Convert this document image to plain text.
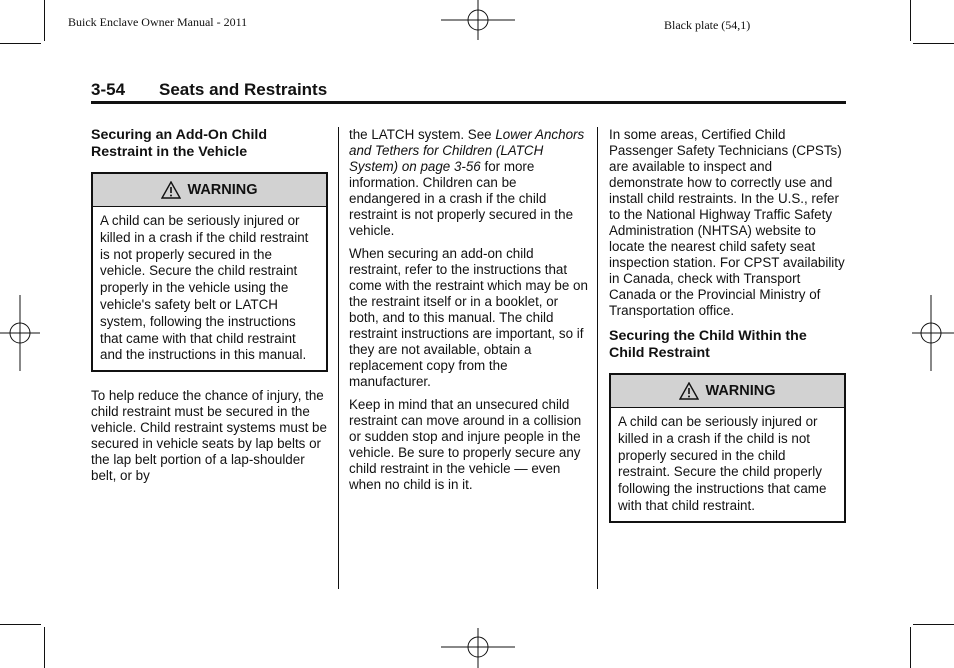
Buick Enclave Owner Manual - 2011	Black plate (54,1)
3-54 Seats and Restraints

Securing an Add-On Child Restraint in the Vehicle

WARNING
A child can be seriously injured or killed in a crash if the child restraint is not properly secured in the vehicle. Secure the child restraint properly in the vehicle using the vehicle's safety belt or LATCH system, following the instructions that came with that child restraint and the instructions in this manual.

To help reduce the chance of injury, the child restraint must be secured in the vehicle. Child restraint systems must be secured in vehicle seats by lap belts or the lap belt portion of a lap-shoulder belt, or by

the LATCH system. See Lower Anchors and Tethers for Children (LATCH System) on page 3-56 for more information. Children can be endangered in a crash if the child restraint is not properly secured in the vehicle.

When securing an add-on child restraint, refer to the instructions that come with the restraint which may be on the restraint itself or in a booklet, or both, and to this manual. The child restraint instructions are important, so if they are not available, obtain a replacement copy from the manufacturer.

Keep in mind that an unsecured child restraint can move around in a collision or sudden stop and injure people in the vehicle. Be sure to properly secure any child restraint in the vehicle — even when no child is in it.

In some areas, Certified Child Passenger Safety Technicians (CPSTs) are available to inspect and demonstrate how to correctly use and install child restraints. In the U.S., refer to the National Highway Traffic Safety Administration (NHTSA) website to locate the nearest child safety seat inspection station. For CPST availability in Canada, check with Transport Canada or the Provincial Ministry of Transportation office.

Securing the Child Within the Child Restraint

WARNING
A child can be seriously injured or killed in a crash if the child is not properly secured in the child restraint. Secure the child properly following the instructions that came with that child restraint.
